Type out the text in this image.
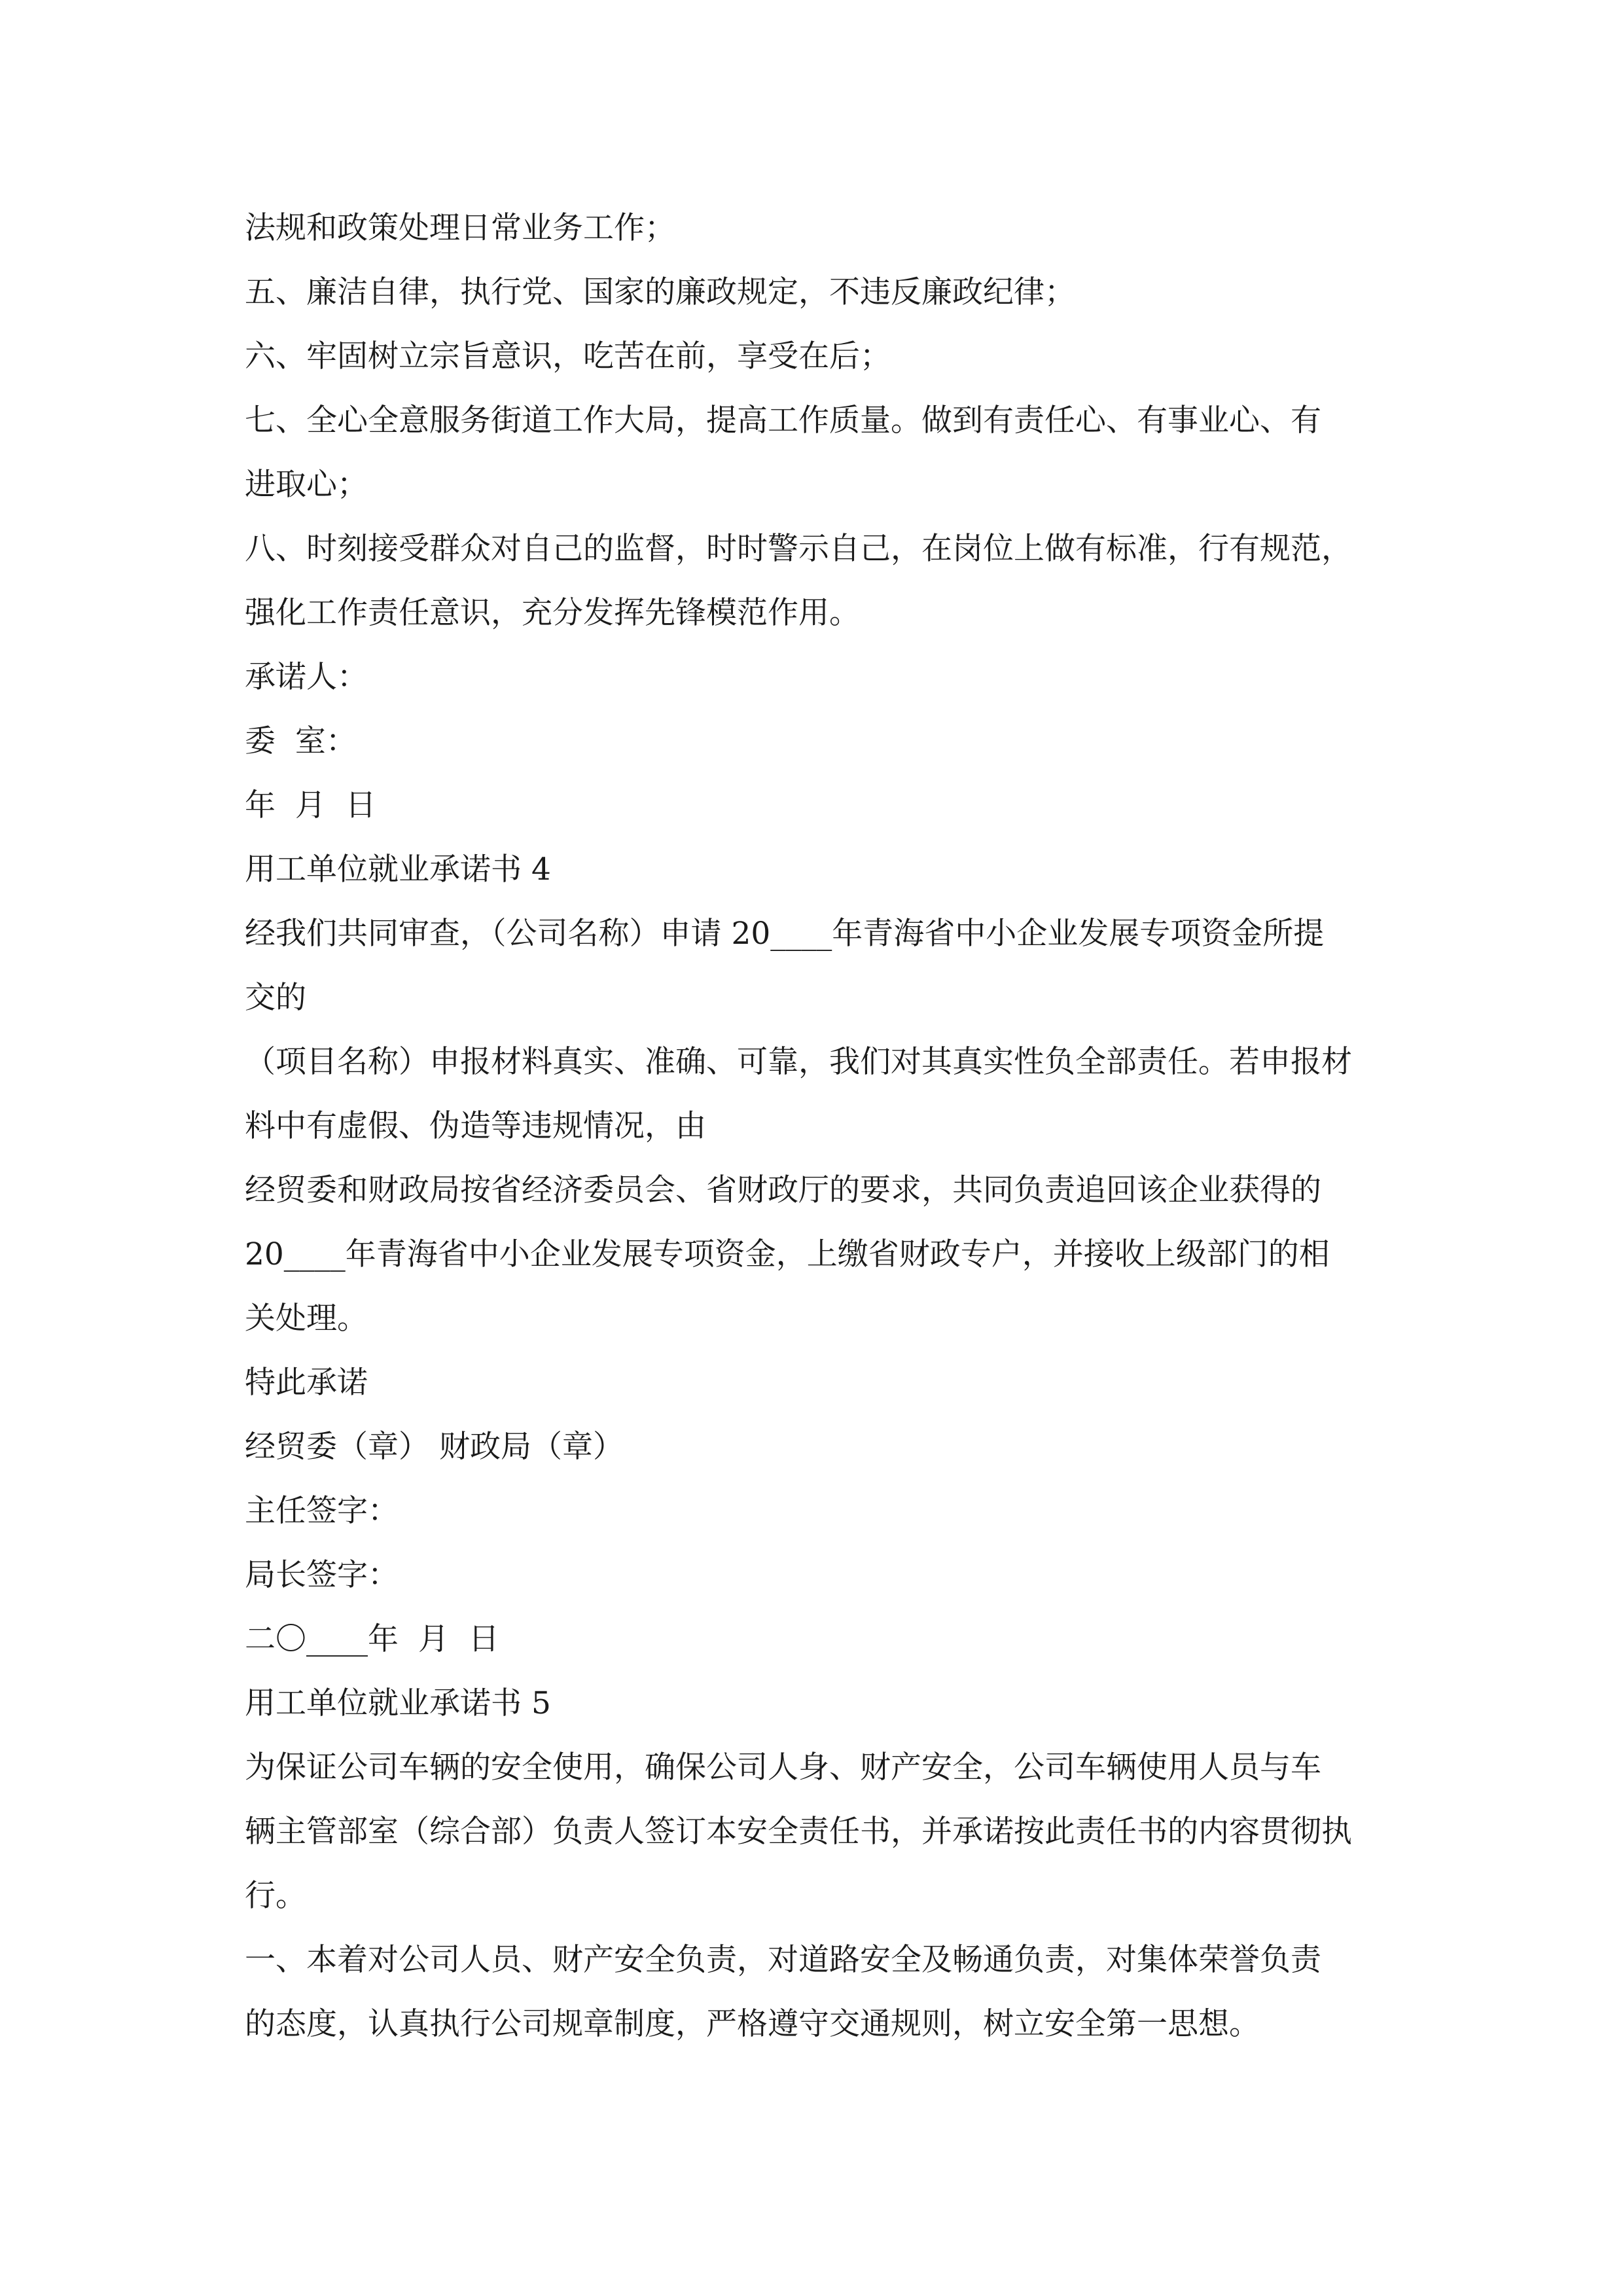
法规和政策处理日常业务工作；
五、廉洁自律，执行党、国家的廉政规定，不违反廉政纪律；
六、牢固树立宗旨意识，吃苦在前，享受在后；
七、全心全意服务街道工作大局，提高工作质量。做到有责任心、有事业心、有
进取心；
八、时刻接受群众对自己的监督，时时警示自己，在岗位上做有标准，行有规范，
强化工作责任意识，充分发挥先锋模范作用。
承诺人：
委  室：
年  月  日
用工单位就业承诺书 4
经我们共同审查，（公司名称）申请 20____年青海省中小企业发展专项资金所提
交的
（项目名称）申报材料真实、准确、可靠，我们对其真实性负全部责任。若申报材
料中有虚假、伪造等违规情况，由
经贸委和财政局按省经济委员会、省财政厅的要求，共同负责追回该企业获得的
20____年青海省中小企业发展专项资金，上缴省财政专户，并接收上级部门的相
关处理。
特此承诺
经贸委（章） 财政局（章）
主任签字：
局长签字：
二〇____年  月  日
用工单位就业承诺书 5
为保证公司车辆的安全使用，确保公司人身、财产安全，公司车辆使用人员与车
辆主管部室（综合部）负责人签订本安全责任书，并承诺按此责任书的内容贯彻执
行。
一、本着对公司人员、财产安全负责，对道路安全及畅通负责，对集体荣誉负责
的态度，认真执行公司规章制度，严格遵守交通规则，树立安全第一思想。
